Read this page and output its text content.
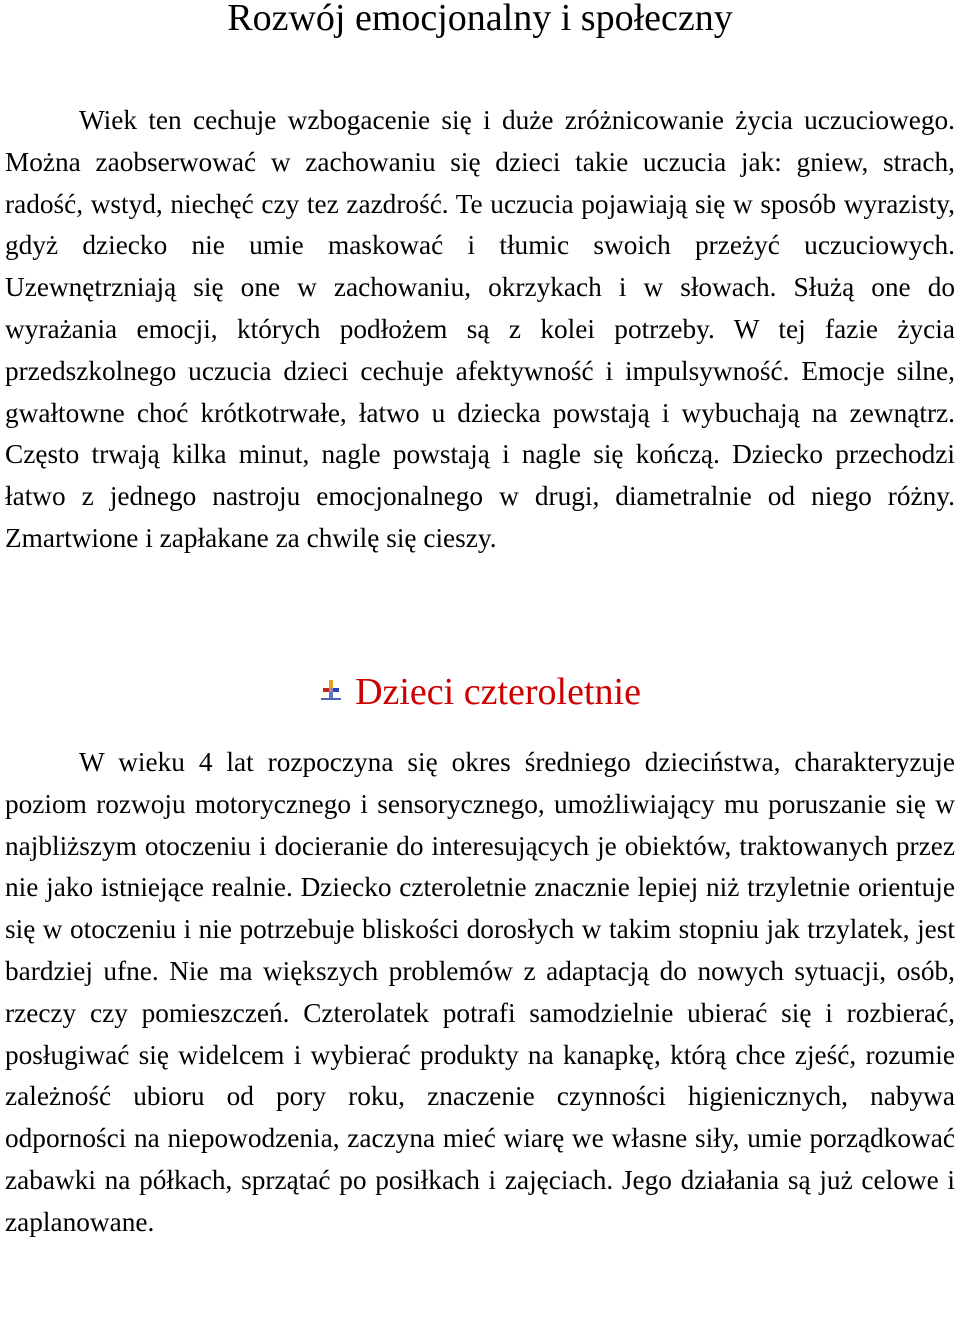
Rozwój emocjonalny i społeczny

Wiek ten cechuje wzbogacenie się i duże zróżnicowanie życia uczuciowego. Można zaobserwować w zachowaniu się dzieci takie uczucia jak: gniew, strach, radość, wstyd, niechęć czy tez zazdrość. Te uczucia pojawiają się w sposób wyrazisty, gdyż dziecko nie umie maskować i tłumic swoich przeżyć uczuciowych. Uzewnętrzniają się one w zachowaniu, okrzykach i w słowach. Służą one do wyrażania emocji, których podłożem są z kolei potrzeby. W tej fazie życia przedszkolnego uczucia dzieci cechuje afektywność i impulsywność. Emocje silne, gwałtowne choć krótkotrwałe, łatwo u dziecka powstają i wybuchają na zewnątrz. Często trwają kilka minut, nagle powstają i nagle się kończą. Dziecko przechodzi łatwo z jednego nastroju emocjonalnego w drugi, diametralnie od niego różny. Zmartwione i zapłakane za chwilę się cieszy.

Dzieci czteroletnie

W wieku 4 lat rozpoczyna się okres średniego dzieciństwa, charakteryzuje poziom rozwoju motorycznego i sensorycznego, umożliwiający mu poruszanie się w najbliższym otoczeniu i docieranie do interesujących je obiektów, traktowanych przez nie jako istniejące realnie. Dziecko czteroletnie znacznie lepiej niż trzyletnie orientuje się w otoczeniu i nie potrzebuje bliskości dorosłych w takim stopniu jak trzylatek, jest bardziej ufne. Nie ma większych problemów z adaptacją do nowych sytuacji, osób, rzeczy czy pomieszczeń. Czterolatek potrafi samodzielnie ubierać się i rozbierać, posługiwać się widelcem i wybierać produkty na kanapkę, którą chce zjeść, rozumie zależność ubioru od pory roku, znaczenie czynności higienicznych, nabywa odporności na niepowodzenia, zaczyna mieć wiarę we własne siły, umie porządkować zabawki na półkach, sprzątać po posiłkach i zajęciach. Jego działania są już celowe i zaplanowane.
